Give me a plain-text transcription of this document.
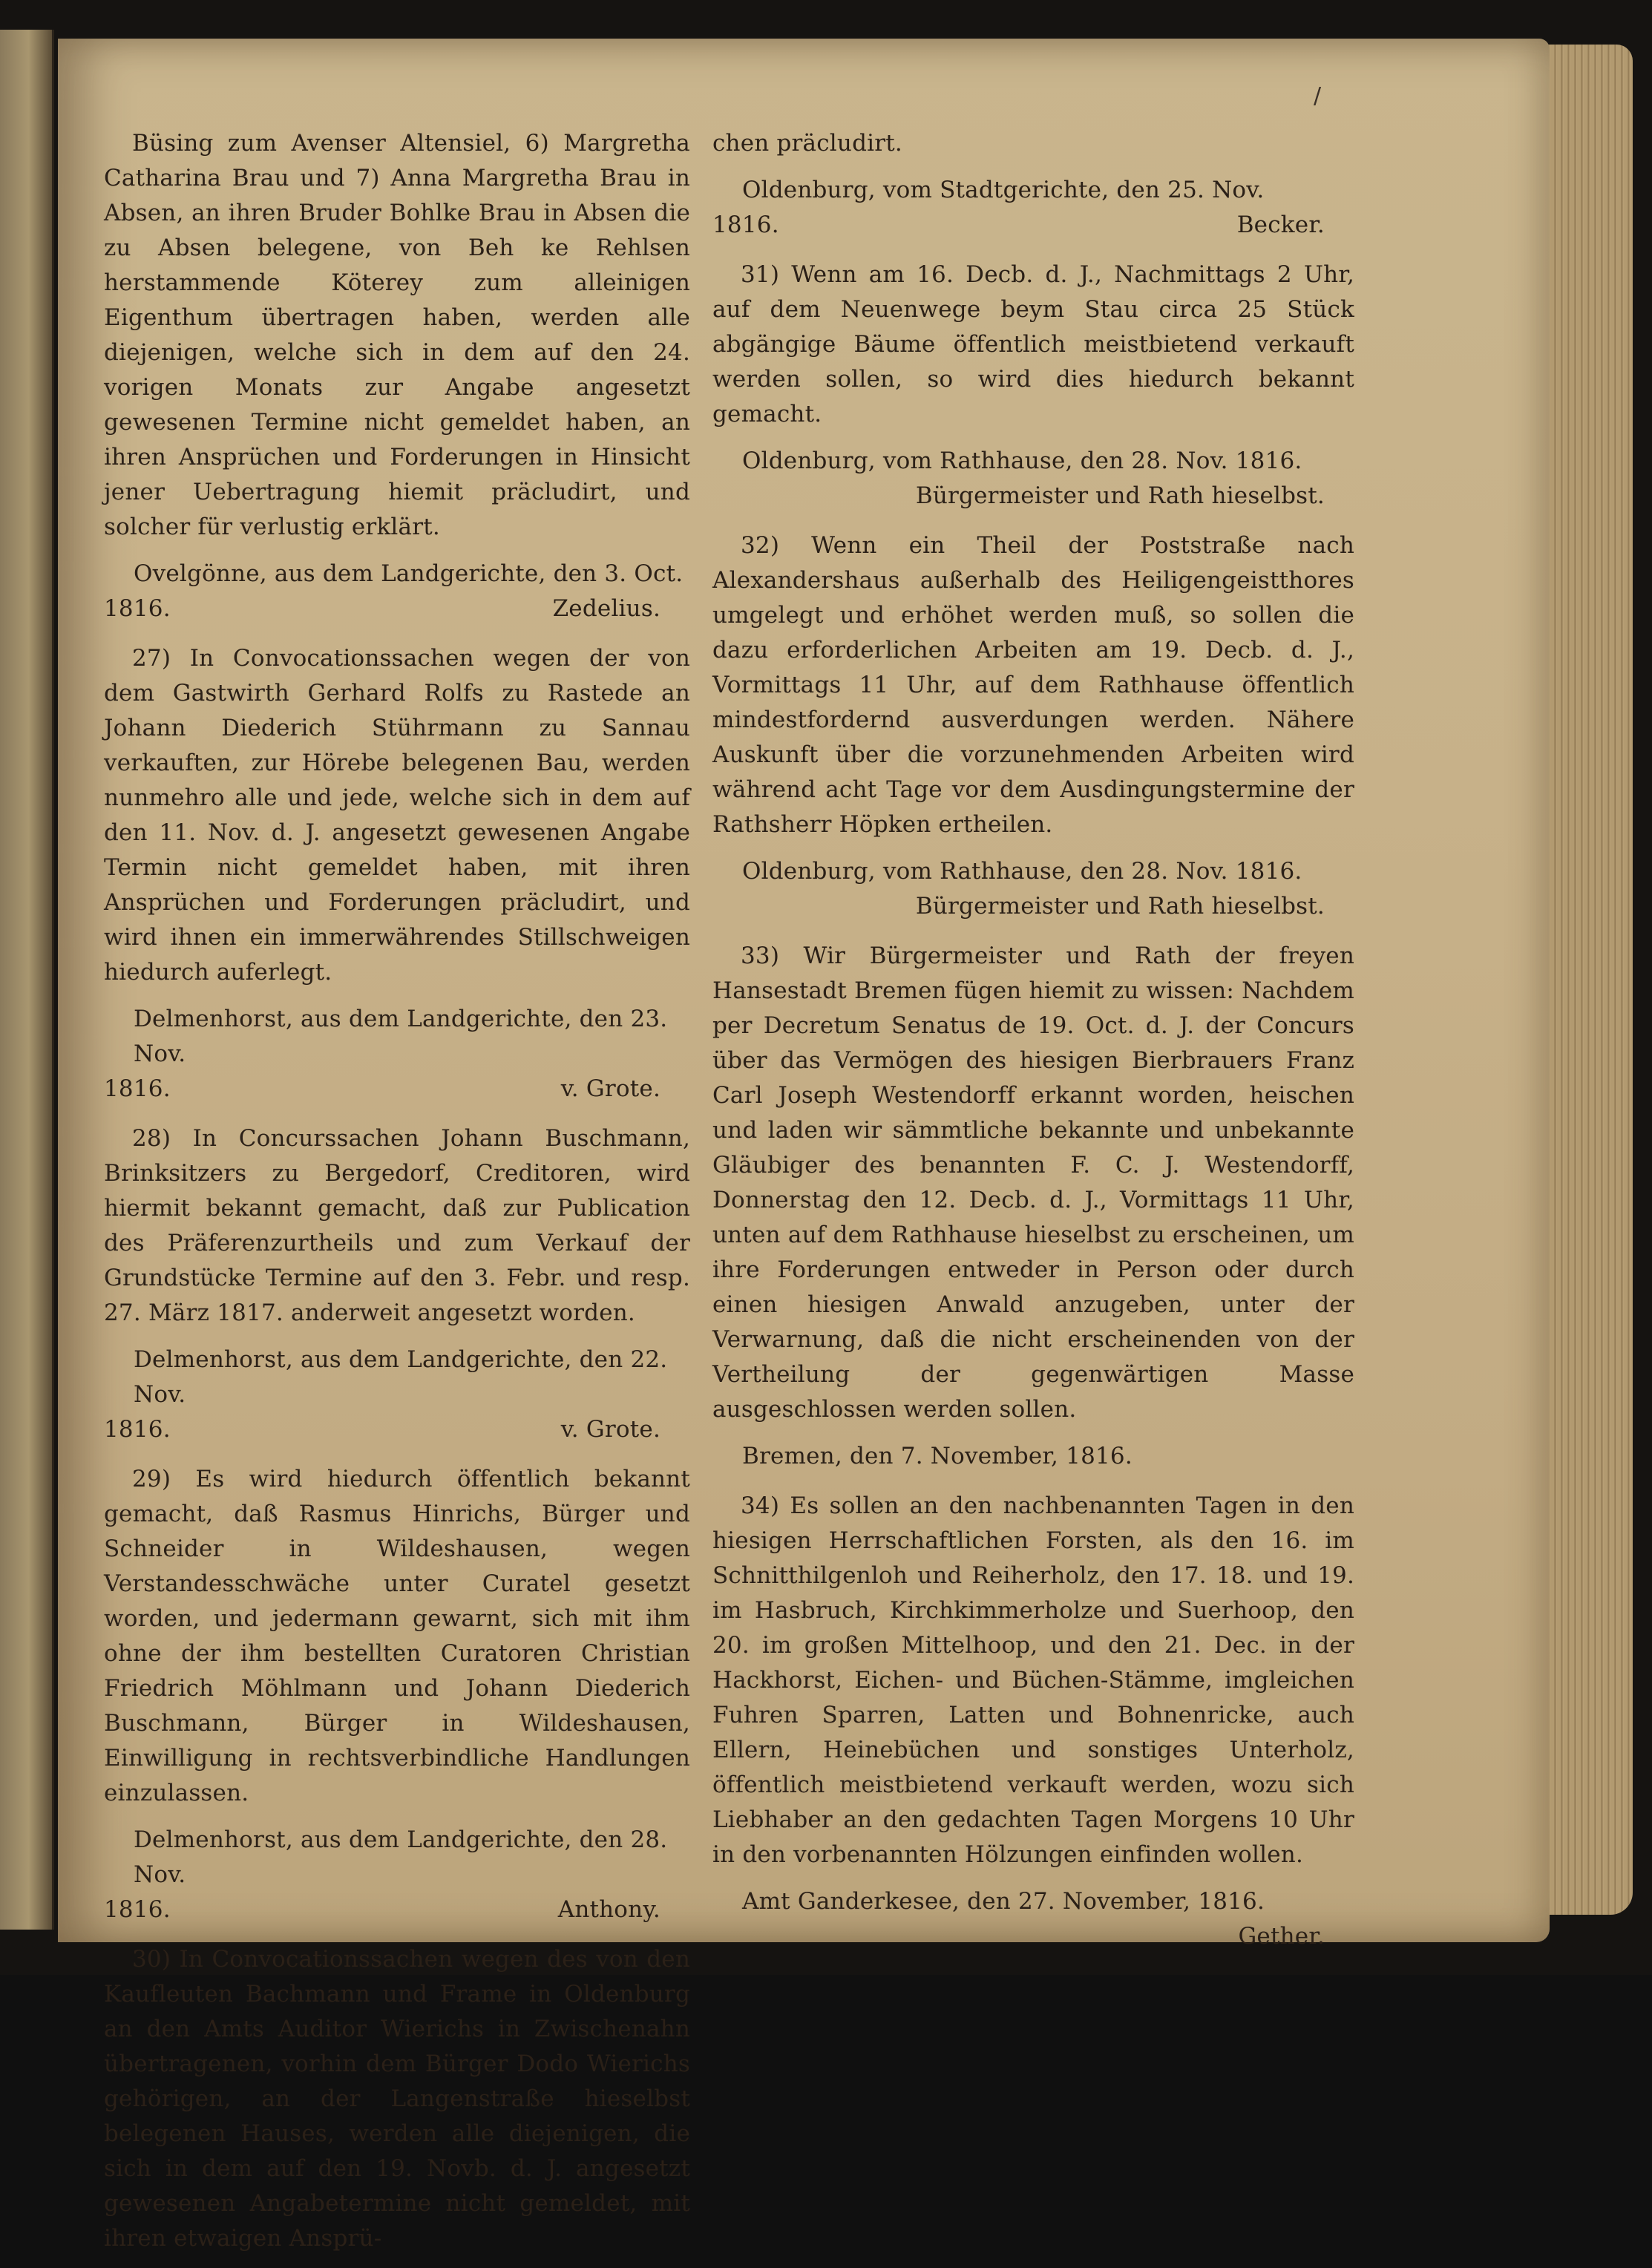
/

Büsing zum Avenser Altensiel, 6) Margretha Catharina Brau und 7) Anna Margretha Brau in Absen, an ihren Bruder Bohlke Brau in Absen die zu Absen belegene, von Beh ke Rehlsen herstammende Köterey zum alleinigen Eigenthum übertragen haben, werden alle diejenigen, welche sich in dem auf den 24. vorigen Monats zur Angabe angesetzt gewesenen Termine nicht gemeldet haben, an ihren Ansprüchen und Forderungen in Hinsicht jener Uebertragung hiemit präcludirt, und solcher für verlustig erklärt.

Ovelgönne, aus dem Landgerichte, den 3. Oct.
1816.	Zedelius.

27) In Convocationssachen wegen der von dem Gastwirth Gerhard Rolfs zu Rastede an Johann Diederich Stührmann zu Sannau verkauften, zur Hörebe belegenen Bau, werden nunmehro alle und jede, welche sich in dem auf den 11. Nov. d. J. angesetzt gewesenen Angabe Termin nicht gemeldet haben, mit ihren Ansprüchen und Forderungen präcludirt, und wird ihnen ein immerwährendes Stillschweigen hiedurch auferlegt.

Delmenhorst, aus dem Landgerichte, den 23. Nov.
1816.	v. Grote.

28) In Concurssachen Johann Buschmann, Brinksitzers zu Bergedorf, Creditoren, wird hiermit bekannt gemacht, daß zur Publication des Präferenzurtheils und zum Verkauf der Grundstücke Termine auf den 3. Febr. und resp. 27. März 1817. anderweit angesetzt worden.

Delmenhorst, aus dem Landgerichte, den 22. Nov.
1816.	v. Grote.

29) Es wird hiedurch öffentlich bekannt gemacht, daß Rasmus Hinrichs, Bürger und Schneider in Wildeshausen, wegen Verstandesschwäche unter Curatel gesetzt worden, und jedermann gewarnt, sich mit ihm ohne der ihm bestellten Curatoren Christian Friedrich Möhlmann und Johann Diederich Buschmann, Bürger in Wildeshausen, Einwilligung in rechtsverbindliche Handlungen einzulassen.

Delmenhorst, aus dem Landgerichte, den 28. Nov.
1816.	Anthony.

30) In Convocationssachen wegen des von den Kaufleuten Bachmann und Frame in Oldenburg an den Amts Auditor Wierichs in Zwischenahn übertragenen, vorhin dem Bürger Dodo Wierichs gehörigen, an der Langenstraße hieselbst belegenen Hauses, werden alle diejenigen, die sich in dem auf den 19. Novb. d. J. angesetzt gewesenen Angabetermine nicht gemeldet, mit ihren etwaigen Ansprü-

chen präcludirt.

Oldenburg, vom Stadtgerichte, den 25. Nov.
1816.	Becker.

31) Wenn am 16. Decb. d. J., Nachmittags 2 Uhr, auf dem Neuenwege beym Stau circa 25 Stück abgängige Bäume öffentlich meistbietend verkauft werden sollen, so wird dies hiedurch bekannt gemacht.

Oldenburg, vom Rathhause, den 28. Nov. 1816.
Bürgermeister und Rath hieselbst.

32) Wenn ein Theil der Poststraße nach Alexandershaus außerhalb des Heiligengeistthores umgelegt und erhöhet werden muß, so sollen die dazu erforderlichen Arbeiten am 19. Decb. d. J., Vormittags 11 Uhr, auf dem Rathhause öffentlich mindestfordernd ausverdungen werden. Nähere Auskunft über die vorzunehmenden Arbeiten wird während acht Tage vor dem Ausdingungstermine der Rathsherr Höpken ertheilen.

Oldenburg, vom Rathhause, den 28. Nov. 1816.
Bürgermeister und Rath hieselbst.

33) Wir Bürgermeister und Rath der freyen Hansestadt Bremen fügen hiemit zu wissen: Nachdem per Decretum Senatus de 19. Oct. d. J. der Concurs über das Vermögen des hiesigen Bierbrauers Franz Carl Joseph Westendorff erkannt worden, heischen und laden wir sämmtliche bekannte und unbekannte Gläubiger des benannten F. C. J. Westendorff, Donnerstag den 12. Decb. d. J., Vormittags 11 Uhr, unten auf dem Rathhause hieselbst zu erscheinen, um ihre Forderungen entweder in Person oder durch einen hiesigen Anwald anzugeben, unter der Verwarnung, daß die nicht erscheinenden von der Vertheilung der gegenwärtigen Masse ausgeschlossen werden sollen.

Bremen, den 7. November, 1816.

34) Es sollen an den nachbenannten Tagen in den hiesigen Herrschaftlichen Forsten, als den 16. im Schnitthilgenloh und Reiherholz, den 17. 18. und 19. im Hasbruch, Kirchkimmerholze und Suerhoop, den 20. im großen Mittelhoop, und den 21. Dec. in der Hackhorst, Eichen- und Büchen-Stämme, imgleichen Fuhren Sparren, Latten und Bohnenricke, auch Ellern, Heinebüchen und sonstiges Unterholz, öffentlich meistbietend verkauft werden, wozu sich Liebhaber an den gedachten Tagen Morgens 10 Uhr in den vorbenannten Hölzungen einfinden wollen.

Amt Ganderkesee, den 27. November, 1816.
Gether.
